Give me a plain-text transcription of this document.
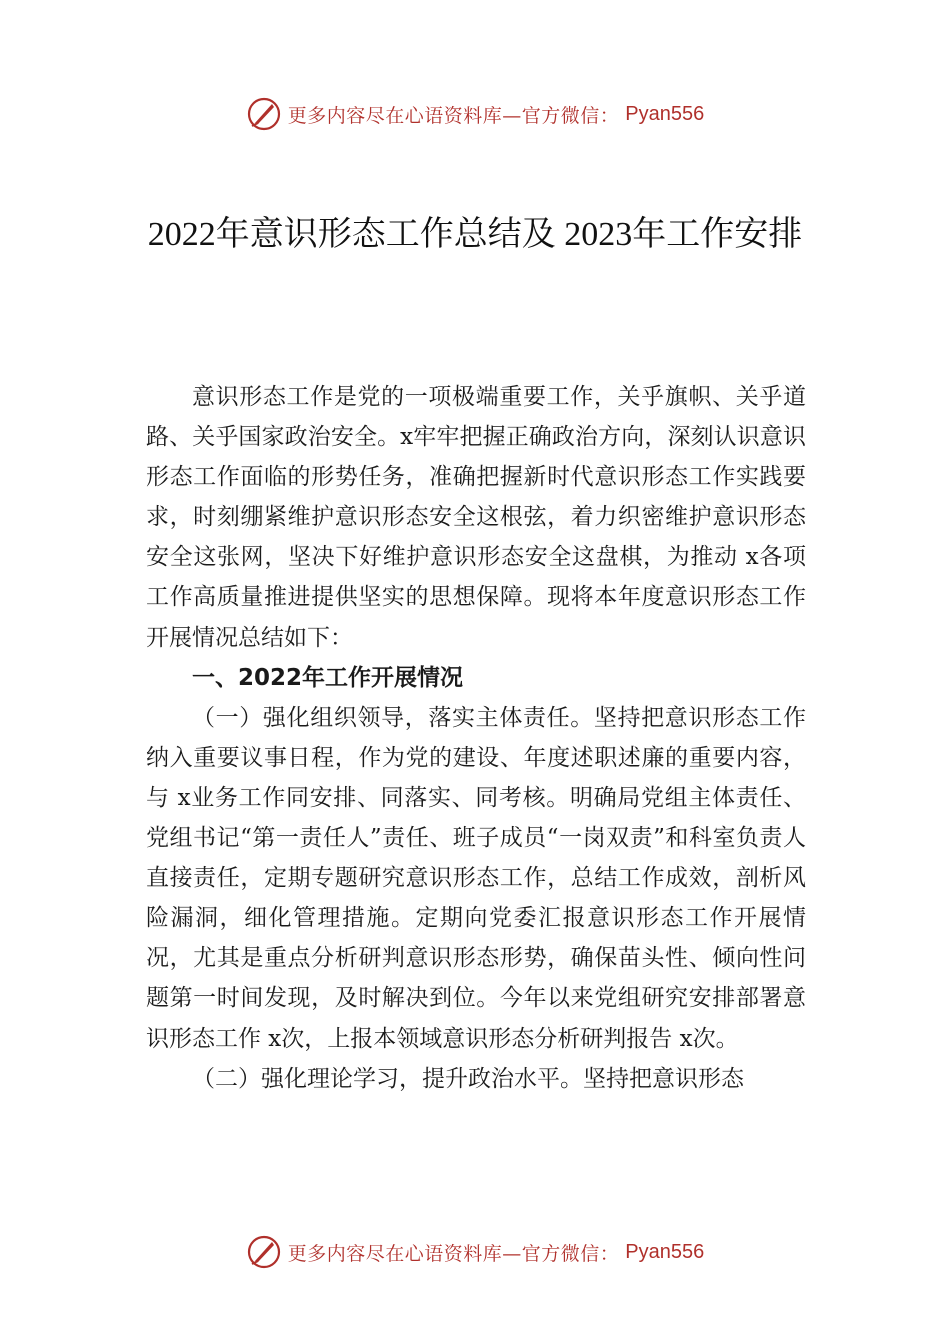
更多内容尽在心语资料库—官方微信： Pyan556
2022年意识形态工作总结及 2023年工作安排

意识形态工作是党的一项极端重要工作，关乎旗帜、关乎道路、关乎国家政治安全。x牢牢把握正确政治方向，深刻认识意识形态工作面临的形势任务，准确把握新时代意识形态工作实践要求，时刻绷紧维护意识形态安全这根弦，着力织密维护意识形态安全这张网，坚决下好维护意识形态安全这盘棋，为推动 x各项工作高质量推进提供坚实的思想保障。现将本年度意识形态工作开展情况总结如下：

一、2022年工作开展情况

（一）强化组织领导，落实主体责任。坚持把意识形态工作纳入重要议事日程，作为党的建设、年度述职述廉的重要内容，与 x业务工作同安排、同落实、同考核。明确局党组主体责任、党组书记“第一责任人”责任、班子成员“一岗双责”和科室负责人直接责任，定期专题研究意识形态工作，总结工作成效，剖析风险漏洞，细化管理措施。定期向党委汇报意识形态工作开展情况，尤其是重点分析研判意识形态形势，确保苗头性、倾向性问题第一时间发现，及时解决到位。今年以来党组研究安排部署意识形态工作 x次，上报本领域意识形态分析研判报告 x次。

（二）强化理论学习，提升政治水平。坚持把意识形态

更多内容尽在心语资料库—官方微信： Pyan556
